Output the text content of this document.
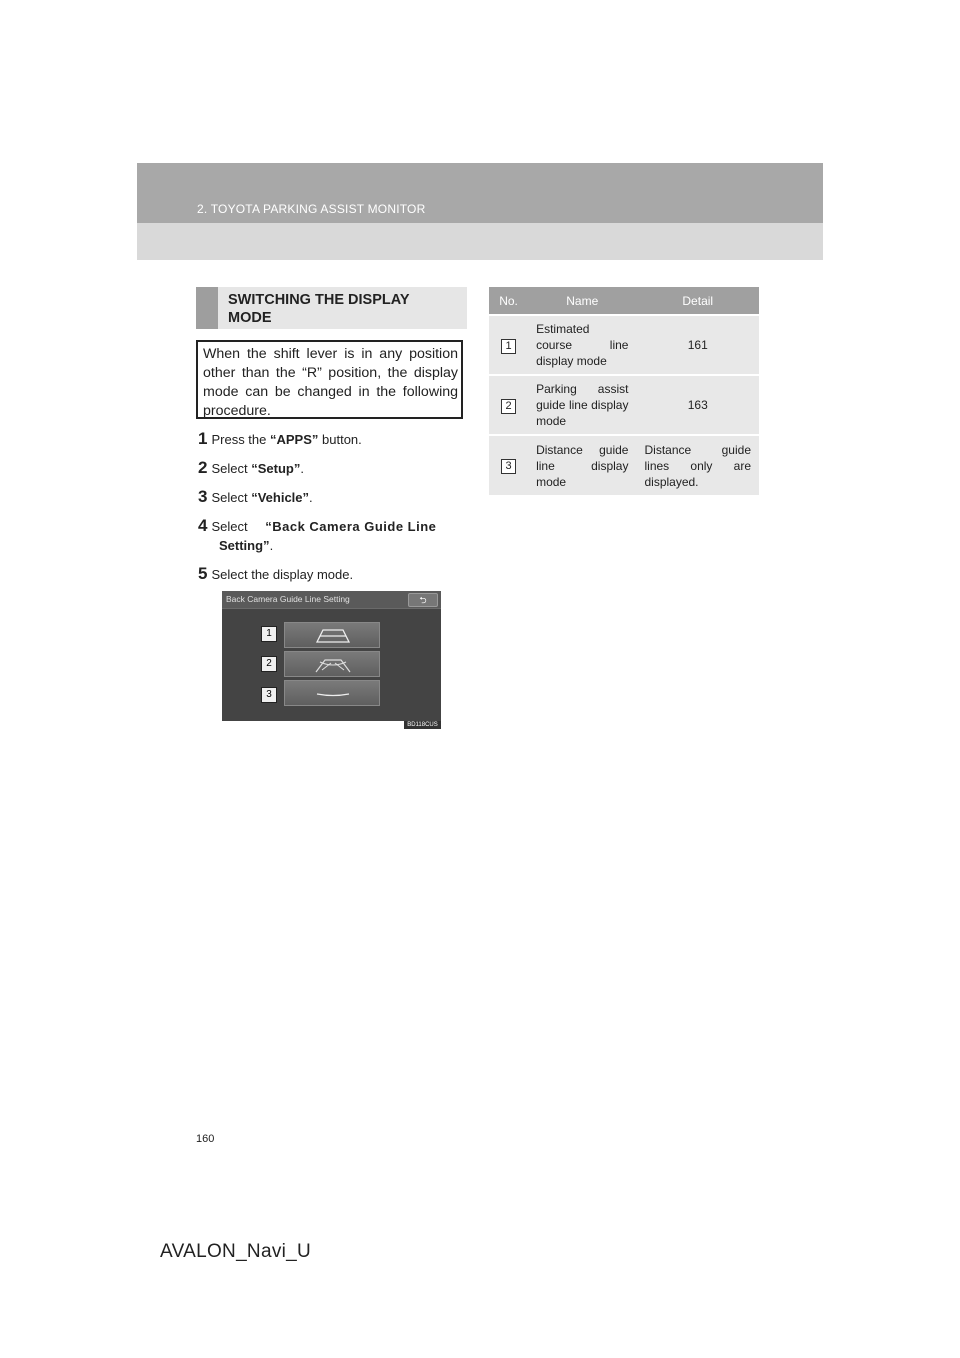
2. TOYOTA PARKING ASSIST MONITOR
SWITCHING THE DISPLAY MODE
When the shift lever is in any position other than the “R” position, the display mode can be changed in the following procedure.
1 Press the “APPS” button.
2 Select “Setup”.
3 Select “Vehicle”.
4 Select “Back Camera Guide Line
Setting”.
5 Select the display mode.
Back Camera Guide Line Setting	⮌
1
2
3
BD118CUS
No.	Name	Detail
1	Estimated course line display mode	161
2	Parking assist guide line display mode	163
3	Distance guide line display mode	Distance guide lines only are displayed.
160
AVALON_Navi_U
